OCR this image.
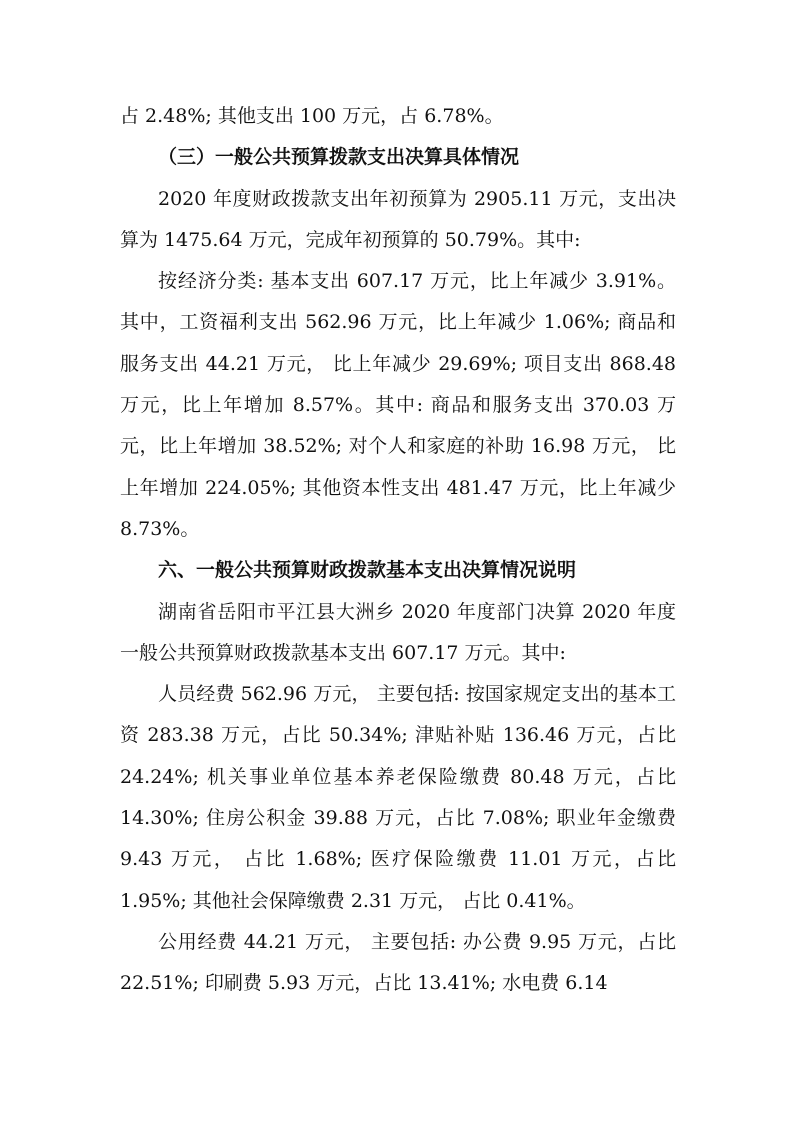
占 2.48%; 其他支出 100 万元，占 6.78%。

（三）一般公共预算拨款支出决算具体情况

2020 年度财政拨款支出年初预算为 2905.11 万元，支出决算为 1475.64 万元，完成年初预算的 50.79%。其中:

按经济分类: 基本支出 607.17 万元，比上年减少 3.91%。其中，工资福利支出 562.96 万元，比上年减少 1.06%; 商品和服务支出 44.21 万元， 比上年减少 29.69%; 项目支出 868.48 万元，比上年增加 8.57%。其中: 商品和服务支出 370.03 万元，比上年增加 38.52%; 对个人和家庭的补助 16.98 万元， 比上年增加 224.05%; 其他资本性支出 481.47 万元，比上年减少 8.73%。

六、一般公共预算财政拨款基本支出决算情况说明

湖南省岳阳市平江县大洲乡 2020 年度部门决算 2020 年度一般公共预算财政拨款基本支出 607.17 万元。其中:

人员经费 562.96 万元， 主要包括: 按国家规定支出的基本工资 283.38 万元，占比 50.34%; 津贴补贴 136.46 万元，占比 24.24%; 机关事业单位基本养老保险缴费 80.48 万元，占比 14.30%; 住房公积金 39.88 万元，占比 7.08%; 职业年金缴费 9.43 万元， 占比 1.68%; 医疗保险缴费 11.01 万元，占比 1.95%; 其他社会保障缴费 2.31 万元， 占比 0.41%。

公用经费 44.21 万元， 主要包括: 办公费 9.95 万元，占比 22.51%; 印刷费 5.93 万元，占比 13.41%; 水电费 6.14
